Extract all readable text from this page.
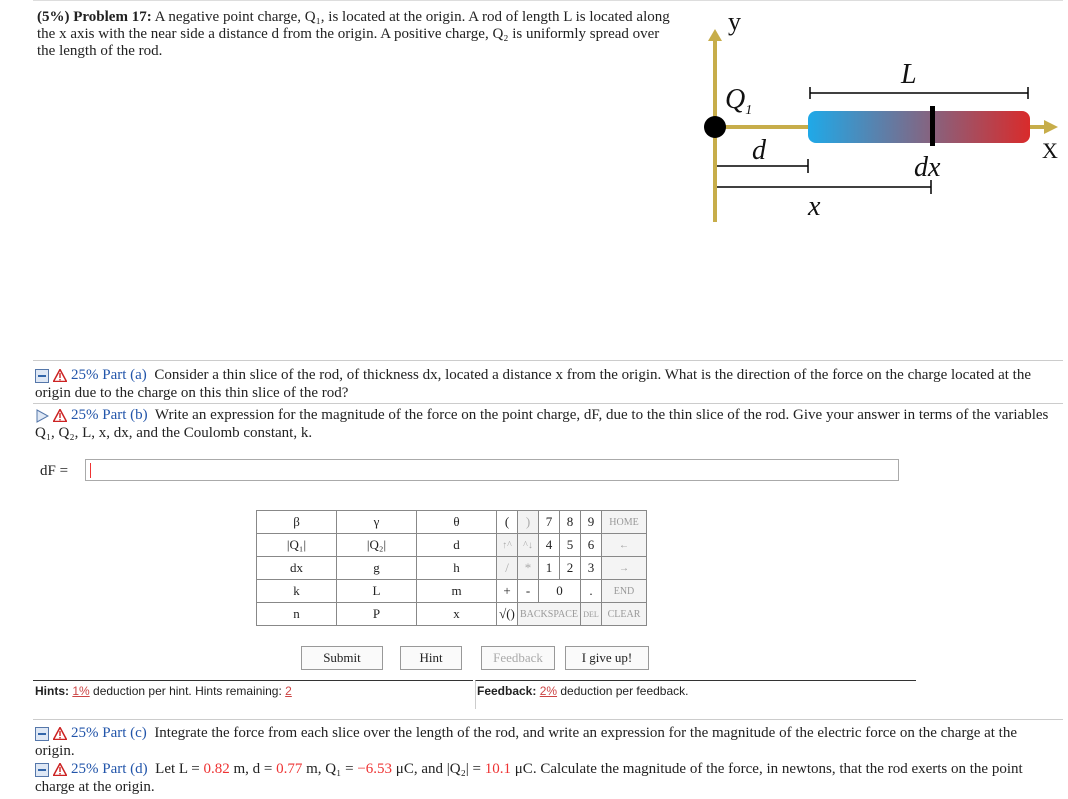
(5%) Problem 17: A negative point charge, Q₁, is located at the origin. A rod of length L is located along the x axis with the near side a distance d from the origin. A positive charge, Q₂ is uniformly spread over the length of the rod.
y
X
$Q_1$
L
d
dx
x
25% Part (a) Consider a thin slice of the rod, of thickness dx, located a distance x from the origin. What is the direction of the force on the charge located at the origin due to the charge on this thin slice of the rod?
25% Part (b) Write an expression for the magnitude of the force on the point charge, dF, due to the thin slice of the rod. Give your answer in terms of the variables Q₁, Q₂, L, x, dx, and the Coulomb constant, k.
dF =
β	γ	θ	(	)	7	8	9	HOME
|Q₁|	|Q₂|	d	↑^	^↓	4	5	6	←
dx	g	h	/	*	1	2	3	→
k	L	m	+	-	0		.	END
n	P	x	√()	BACKSPACE			DEL	CLEAR
Submit	Hint	Feedback	I give up!
Hints: 1% deduction per hint. Hints remaining: 2	Feedback: 2% deduction per feedback.
25% Part (c) Integrate the force from each slice over the length of the rod, and write an expression for the magnitude of the electric force on the charge at the origin.
25% Part (d) Let L = 0.82 m, d = 0.77 m, Q₁ = −6.53 μC, and |Q₂| = 10.1 μC. Calculate the magnitude of the force, in newtons, that the rod exerts on the point charge at the origin.
